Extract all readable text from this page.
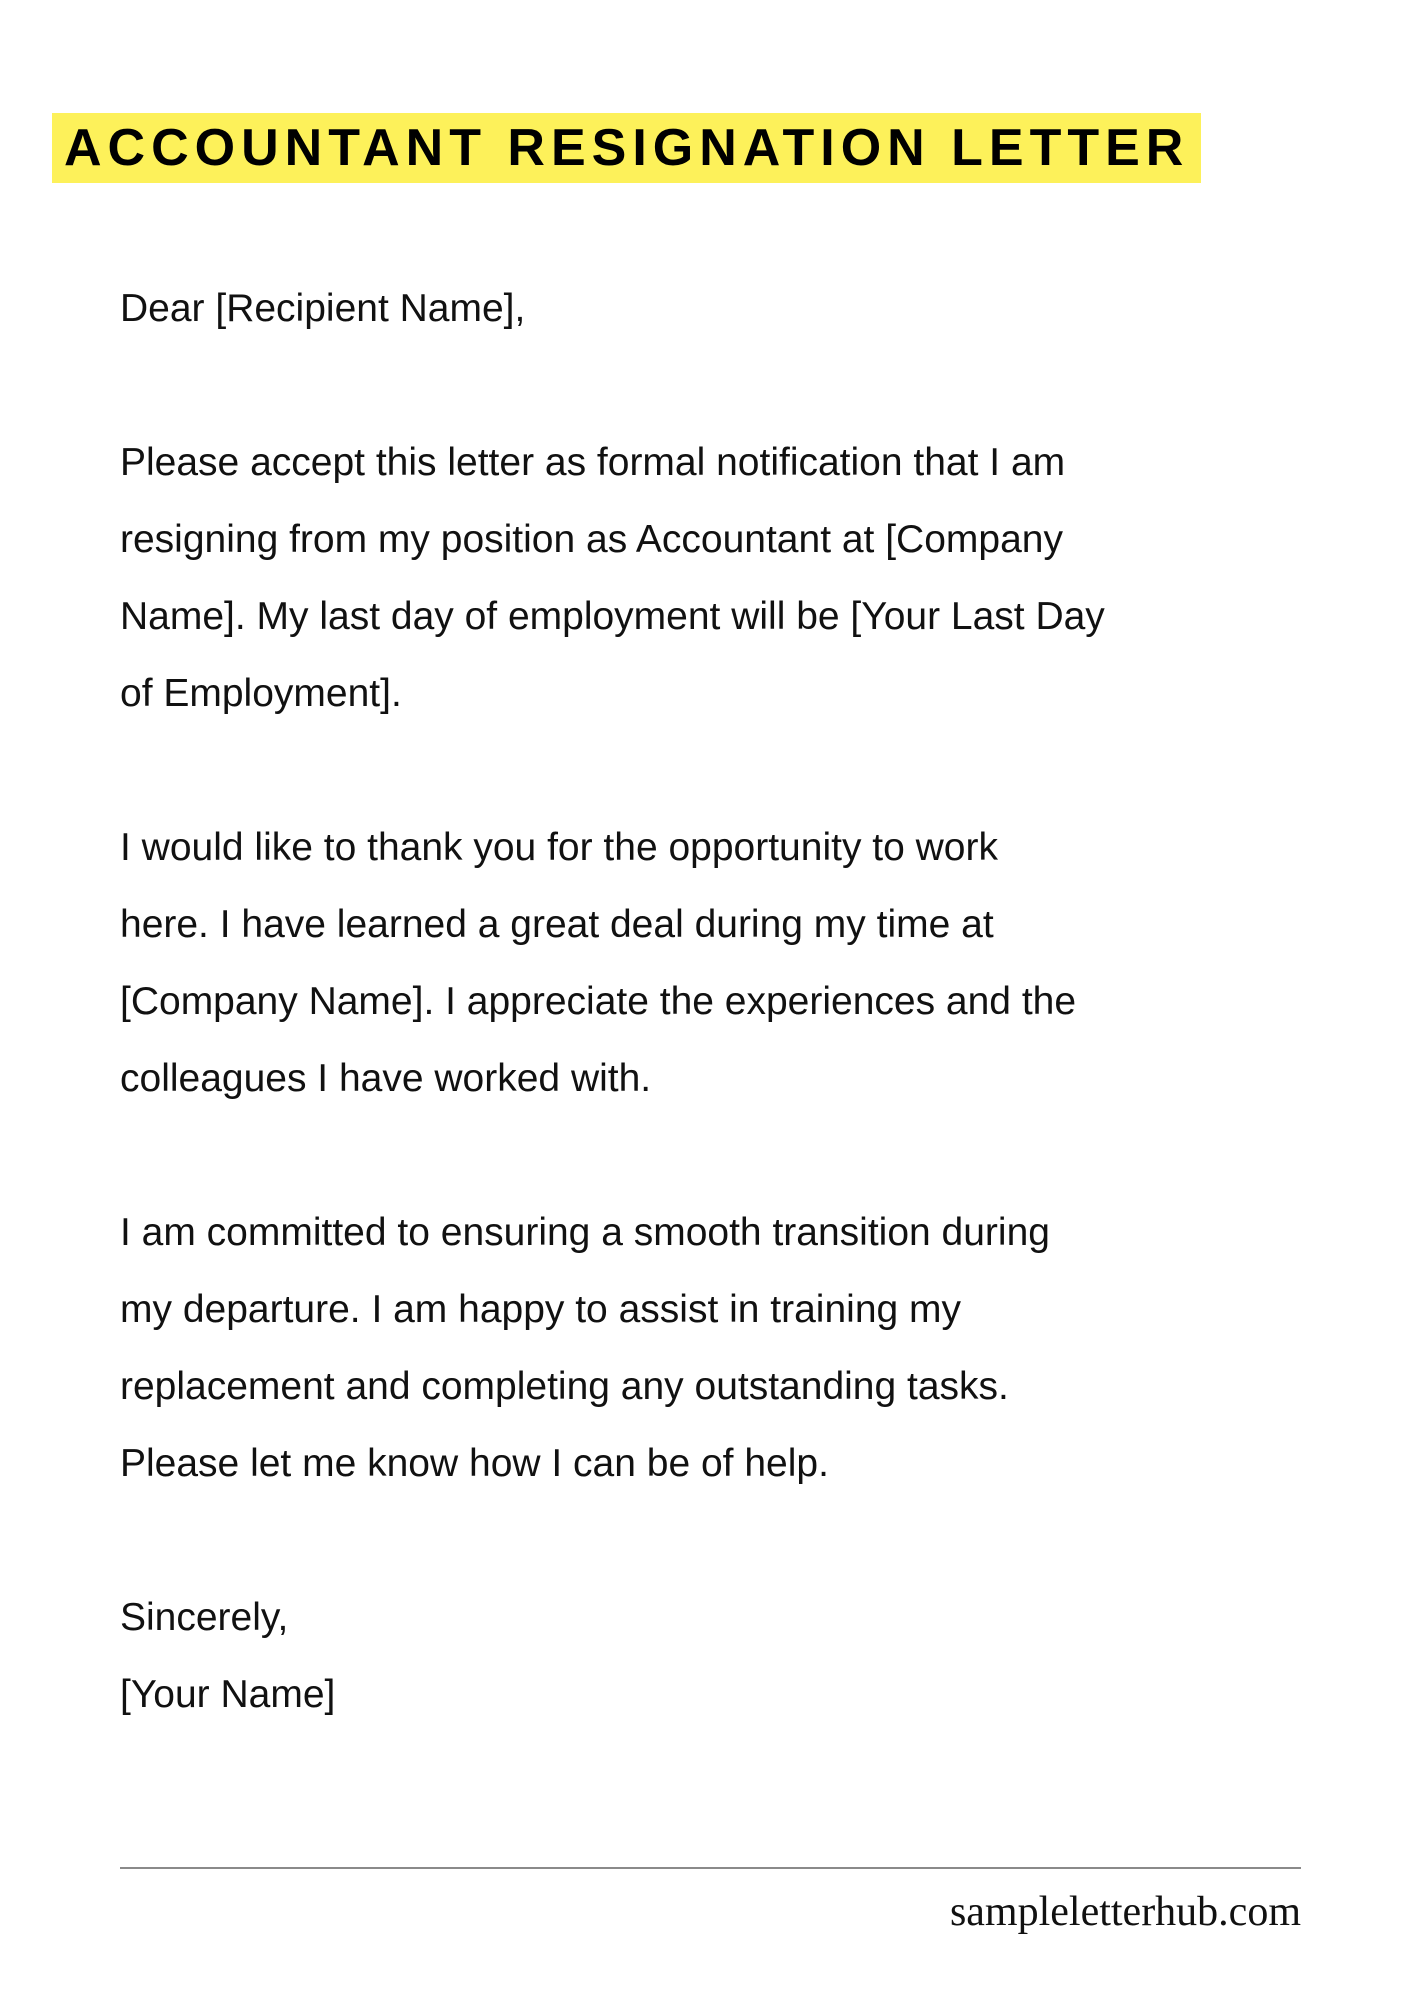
ACCOUNTANT RESIGNATION LETTER
Dear [Recipient Name],
Please accept this letter as formal notification that I am
resigning from my position as Accountant at [Company
Name]. My last day of employment will be [Your Last Day
of Employment].
I would like to thank you for the opportunity to work
here. I have learned a great deal during my time at
[Company Name]. I appreciate the experiences and the
colleagues I have worked with.
I am committed to ensuring a smooth transition during
my departure. I am happy to assist in training my
replacement and completing any outstanding tasks.
Please let me know how I can be of help.
Sincerely,
[Your Name]
sampleletterhub.com
